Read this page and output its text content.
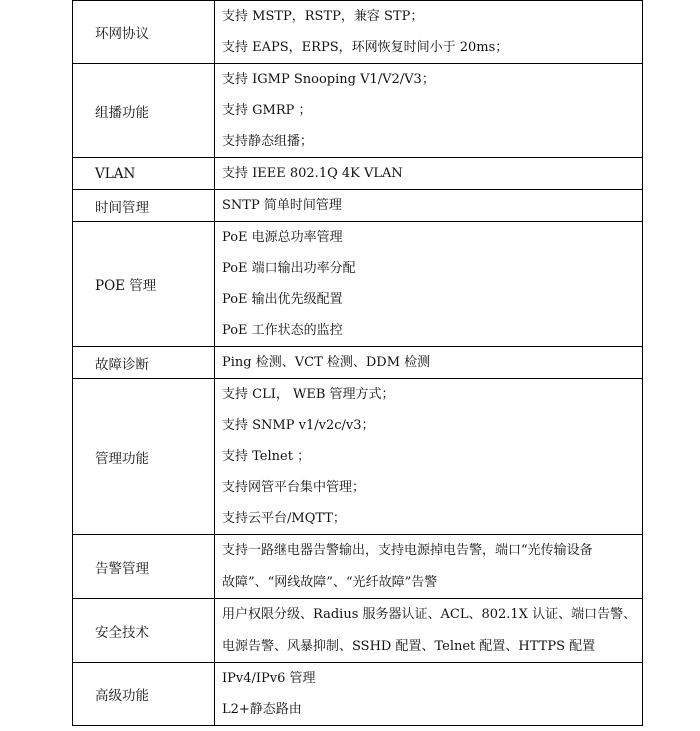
环网协议	支持 MSTP，RSTP，兼容 STP；
支持 EAPS，ERPS，环网恢复时间小于 20ms；

组播功能	支持 IGMP Snooping V1/V2/V3；
支持 GMRP ；
支持静态组播；

VLAN	支持 IEEE 802.1Q 4K VLAN

时间管理	SNTP 简单时间管理

POE 管理	PoE 电源总功率管理
PoE 端口输出功率分配
PoE 输出优先级配置
PoE 工作状态的监控

故障诊断	Ping 检测、VCT 检测、DDM 检测

管理功能	支持 CLI， WEB 管理方式；
支持 SNMP v1/v2c/v3；
支持 Telnet ；
支持网管平台集中管理；
支持云平台/MQTT；

告警管理	支持一路继电器告警输出，支持电源掉电告警，端口“光传输设备
故障”、“网线故障”、“光纤故障”告警

安全技术	用户权限分级、Radius 服务器认证、ACL、802.1X 认证、端口告警、
电源告警、风暴抑制、SSHD 配置、Telnet 配置、HTTPS 配置

高级功能	IPv4/IPv6 管理
L2+静态路由
